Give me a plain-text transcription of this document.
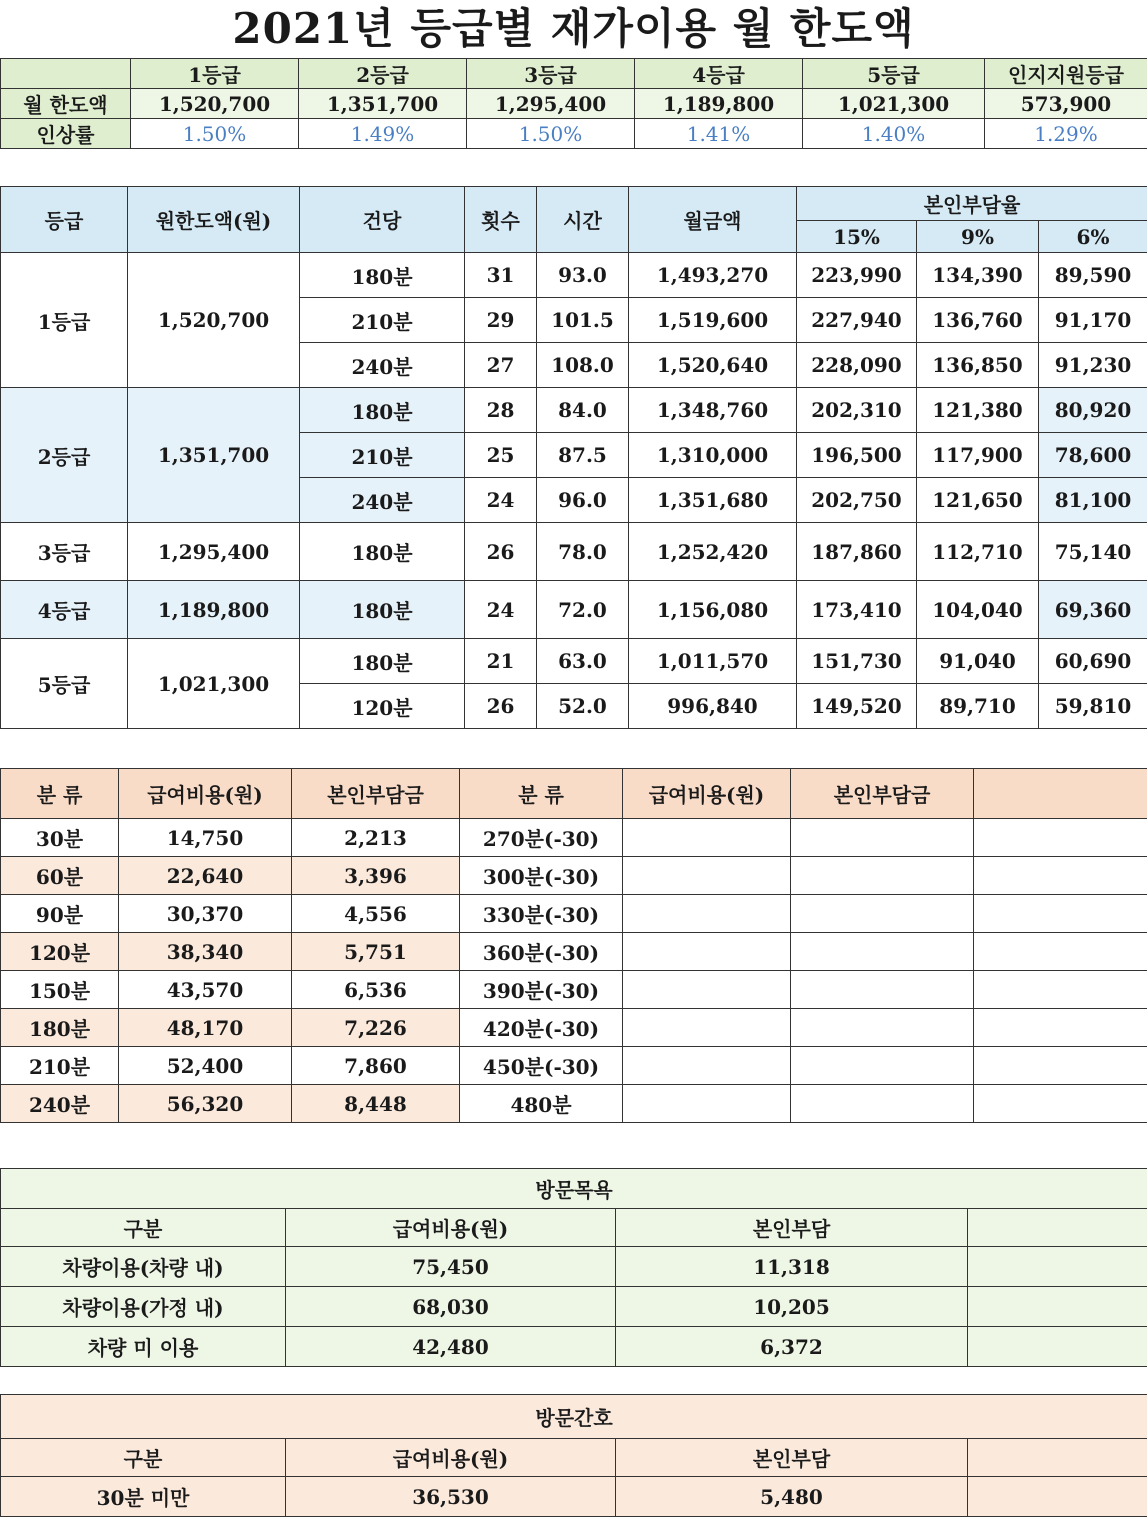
2021년 등급별 재가이용 월 한도액
	1등급	2등급	3등급	4등급	5등급	인지지원등급
월 한도액	1,520,700	1,351,700	1,295,400	1,189,800	1,021,300	573,900
인상률	1.50%	1.49%	1.50%	1.41%	1.40%	1.29%
등급	원한도액(원)	건당	횟수	시간	월금액	본인부담율		
						15%	9%	6%
1등급	1,520,700	180분	31	93.0	1,493,270	223,990	134,390	89,590
		210분	29	101.5	1,519,600	227,940	136,760	91,170
		240분	27	108.0	1,520,640	228,090	136,850	91,230
2등급	1,351,700	180분	28	84.0	1,348,760	202,310	121,380	80,920
		210분	25	87.5	1,310,000	196,500	117,900	78,600
		240분	24	96.0	1,351,680	202,750	121,650	81,100
3등급	1,295,400	180분	26	78.0	1,252,420	187,860	112,710	75,140
4등급	1,189,800	180분	24	72.0	1,156,080	173,410	104,040	69,360
5등급	1,021,300	180분	21	63.0	1,011,570	151,730	91,040	60,690
		120분	26	52.0	996,840	149,520	89,710	59,810
분 류	급여비용(원)	본인부담금	분 류	급여비용(원)	본인부담금	
30분	14,750	2,213	270분(-30)			
60분	22,640	3,396	300분(-30)			
90분	30,370	4,556	330분(-30)			
120분	38,340	5,751	360분(-30)			
150분	43,570	6,536	390분(-30)			
180분	48,170	7,226	420분(-30)			
210분	52,400	7,860	450분(-30)			
240분	56,320	8,448	480분			
방문목욕			
구분	급여비용(원)	본인부담	
차량이용(차량 내)	75,450	11,318	
차량이용(가정 내)	68,030	10,205	
차량 미 이용	42,480	6,372	
방문간호			
구분	급여비용(원)	본인부담	
30분 미만	36,530	5,480	
